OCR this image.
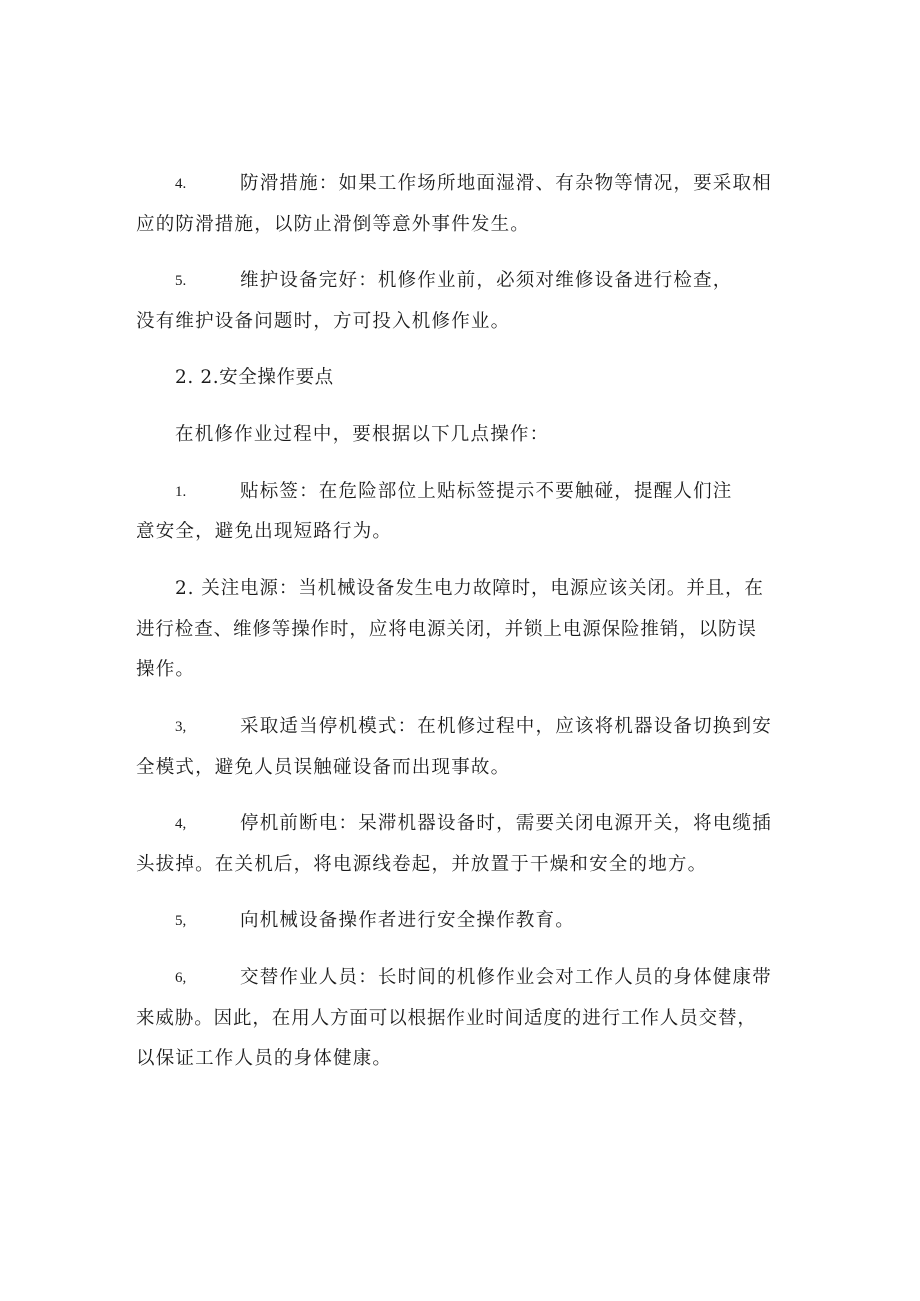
4.	防滑措施：如果工作场所地面湿滑、有杂物等情况，要采取相
应的防滑措施，以防止滑倒等意外事件发生。
5.	维护设备完好：机修作业前，必须对维修设备进行检查，
没有维护设备问题时，方可投入机修作业。
2. 2.安全操作要点
在机修作业过程中，要根据以下几点操作：
1.	贴标签：在危险部位上贴标签提示不要触碰，提醒人们注
意安全，避免出现短路行为。
2. 关注电源：当机械设备发生电力故障时，电源应该关闭。并且，在
进行检查、维修等操作时，应将电源关闭，并锁上电源保险推销，以防误
操作。
3,	采取适当停机模式：在机修过程中，应该将机器设备切换到安
全模式，避免人员误触碰设备而出现事故。
4,	停机前断电：呆滞机器设备时，需要关闭电源开关，将电缆插
头拔掉。在关机后，将电源线卷起，并放置于干燥和安全的地方。
5,	向机械设备操作者进行安全操作教育。
6,	交替作业人员：长时间的机修作业会对工作人员的身体健康带
来威胁。因此，在用人方面可以根据作业时间适度的进行工作人员交替，
以保证工作人员的身体健康。
